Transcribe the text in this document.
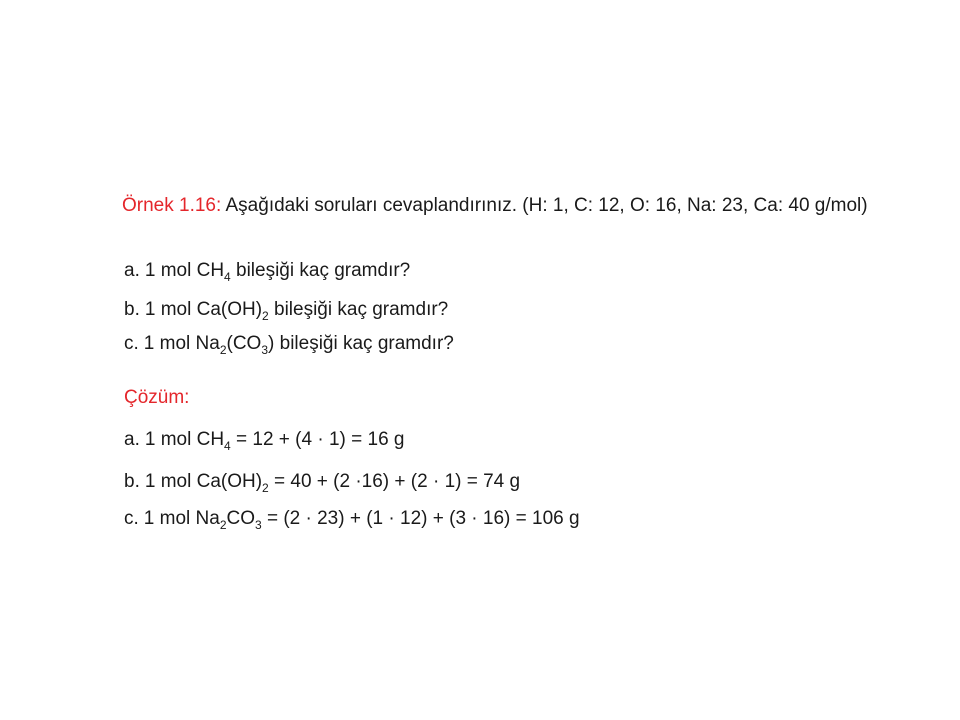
Örnek 1.16: Aşağıdaki soruları cevaplandırınız. (H: 1, C: 12, O: 16, Na: 23, Ca: 40 g/mol)

a. 1 mol $CH_4$ bileşiği kaç gramdır?
b. 1 mol $Ca(OH)_2$ bileşiği kaç gramdır?
c. 1 mol $Na_2(CO_3)$ bileşiği kaç gramdır?
Çözüm:
a. 1 mol $CH_4 = 12 + (4 \cdot 1) = 16$ g
b. 1 mol $Ca(OH)_2 = 40 + (2 \cdot 16) + (2 \cdot 1) = 74$ g
c. 1 mol $Na_2CO_3 = (2 \cdot 23) + (1 \cdot 12) + (3 \cdot 16) = 106$ g
